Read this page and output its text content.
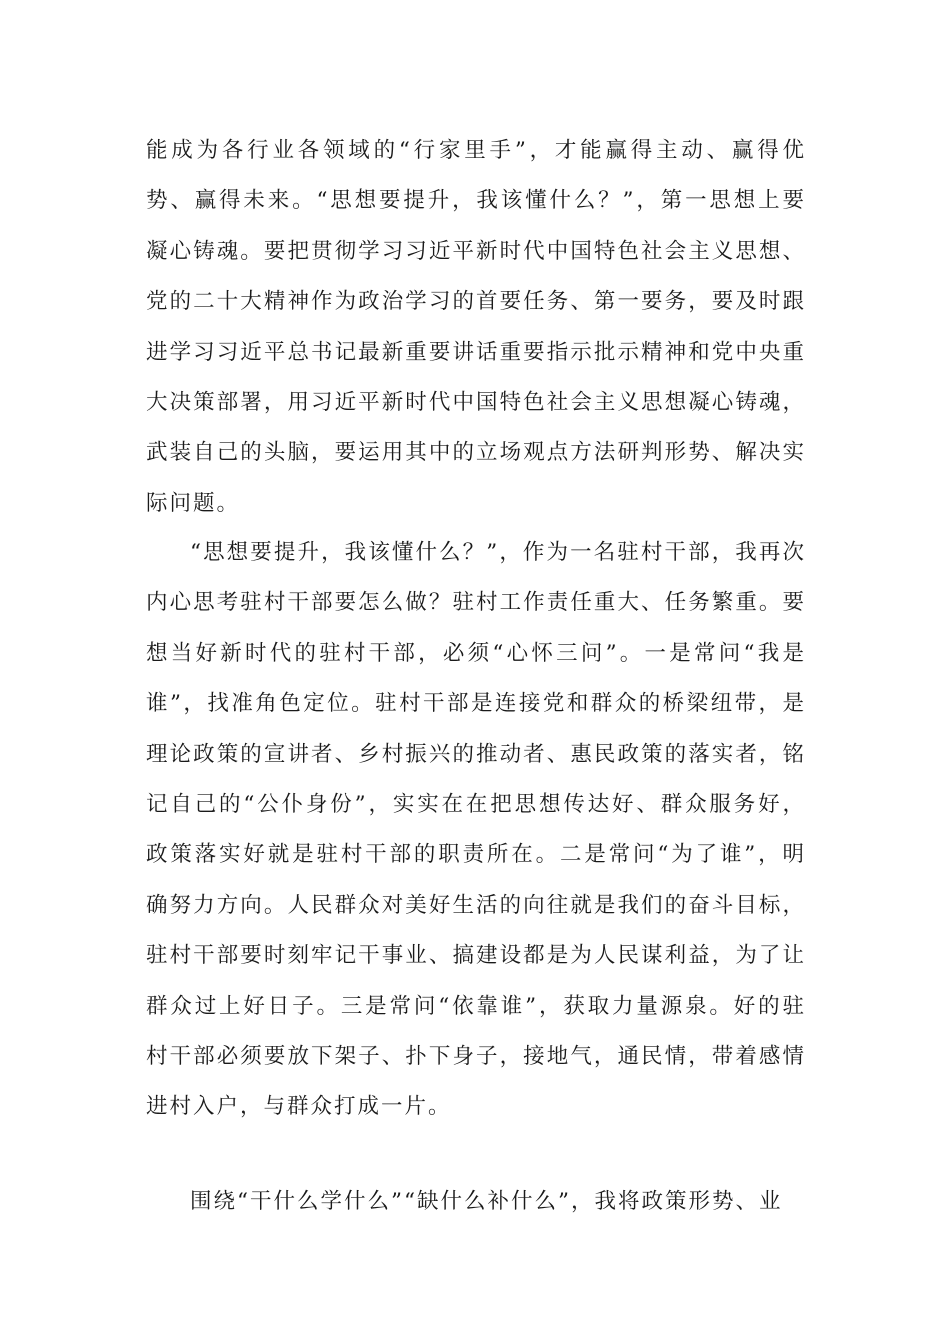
能成为各行业各领域的“行家里手”，才能赢得主动、赢得优势、赢得未来。“思想要提升，我该懂什么？”，第一思想上要凝心铸魂。要把贯彻学习习近平新时代中国特色社会主义思想、党的二十大精神作为政治学习的首要任务、第一要务，要及时跟进学习习近平总书记最新重要讲话重要指示批示精神和党中央重大决策部署，用习近平新时代中国特色社会主义思想凝心铸魂，武装自己的头脑，要运用其中的立场观点方法研判形势、解决实际问题。

“思想要提升，我该懂什么？”，作为一名驻村干部，我再次内心思考驻村干部要怎么做？驻村工作责任重大、任务繁重。要想当好新时代的驻村干部，必须“心怀三问”。一是常问“我是谁”，找准角色定位。驻村干部是连接党和群众的桥梁纽带，是理论政策的宣讲者、乡村振兴的推动者、惠民政策的落实者，铭记自己的“公仆身份”，实实在在把思想传达好、群众服务好，政策落实好就是驻村干部的职责所在。二是常问“为了谁”，明确努力方向。人民群众对美好生活的向往就是我们的奋斗目标，驻村干部要时刻牢记干事业、搞建设都是为人民谋利益，为了让群众过上好日子。三是常问“依靠谁”，获取力量源泉。好的驻村干部必须要放下架子、扑下身子，接地气，通民情，带着感情进村入户，与群众打成一片。

围绕“干什么学什么”“缺什么补什么”，我将政策形势、业
